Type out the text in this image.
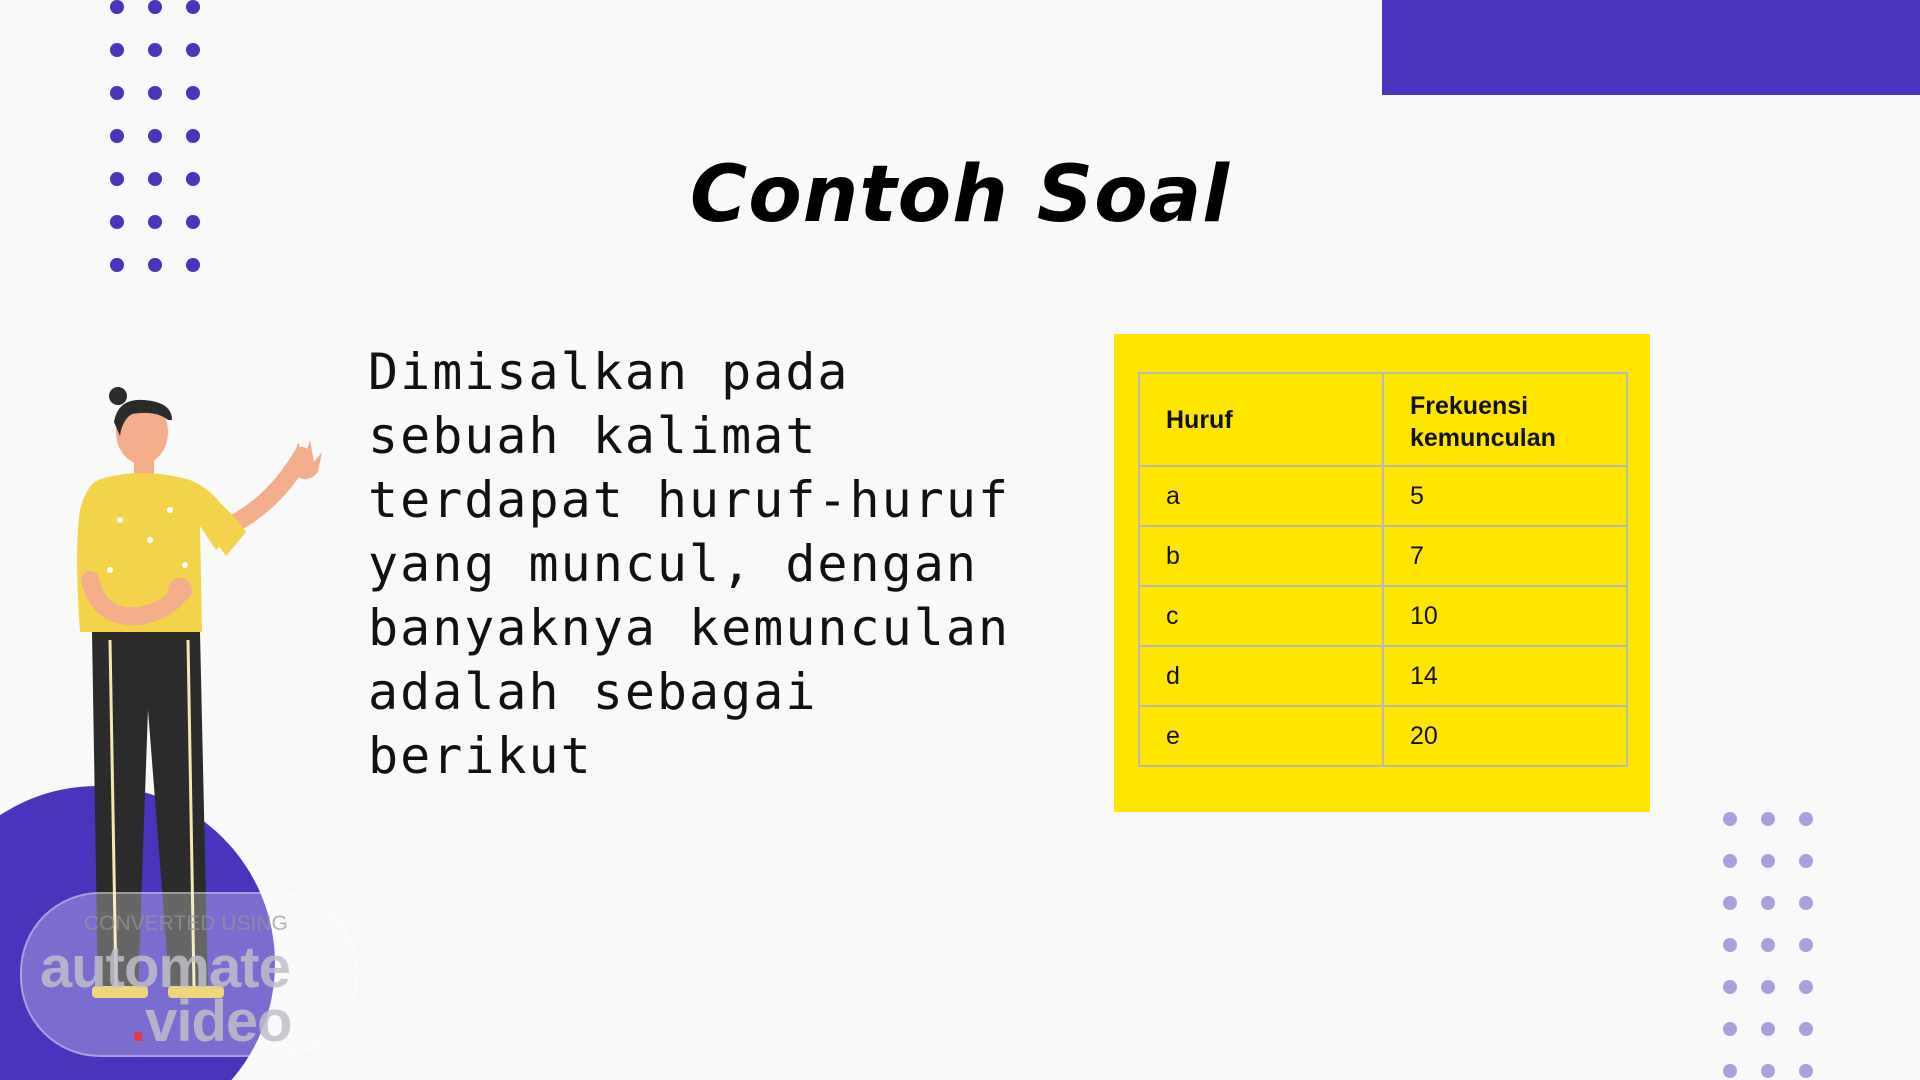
Contoh Soal
Dimisalkan pada
sebuah kalimat
terdapat huruf-huruf
yang muncul, dengan
banyaknya kemunculan
adalah sebagai
berikut
Huruf	Frekuensi kemunculan

a	5
b	7
c	10
d	14
e	20
CONVERTED USING
automate
.video
